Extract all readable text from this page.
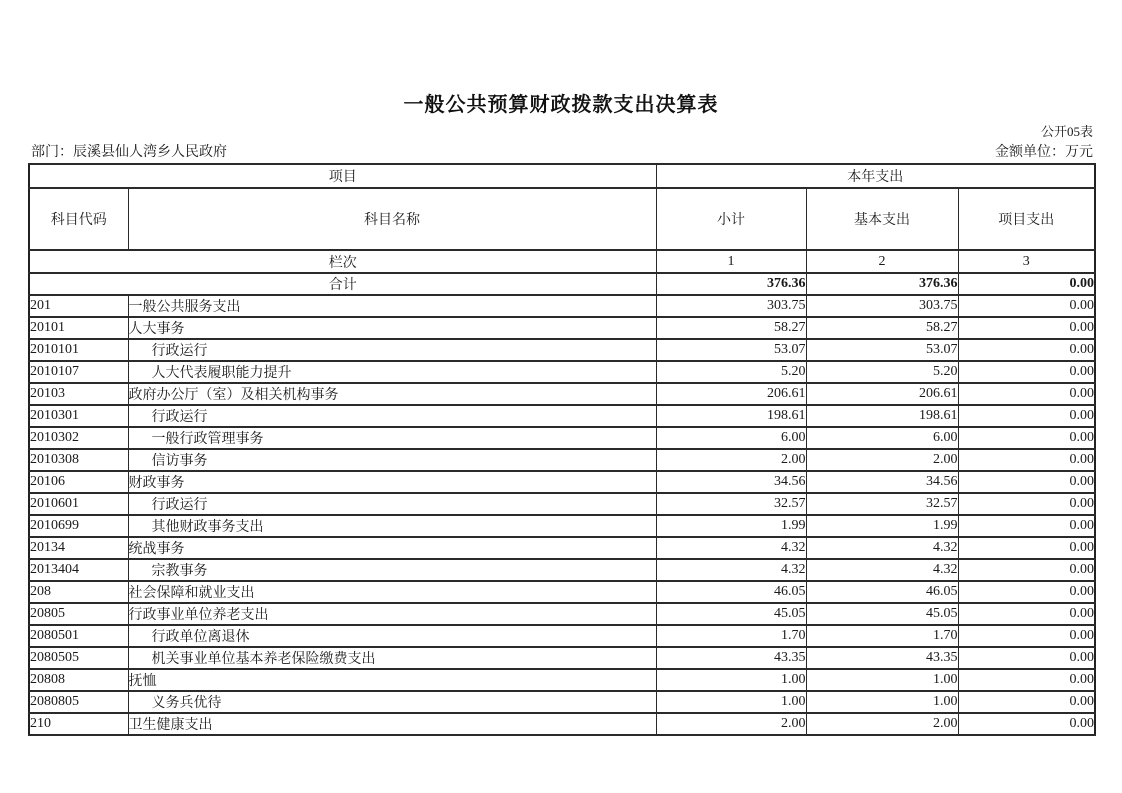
一般公共预算财政拨款支出决算表
公开05表
部门：辰溪县仙人湾乡人民政府	金额单位：万元
项目		本年支出		
科目代码	科目名称	小计	基本支出	项目支出
栏次		1	2	3
合计		376.36	376.36	0.00
201	一般公共服务支出	303.75	303.75	0.00
20101	人大事务	58.27	58.27	0.00
2010101	行政运行	53.07	53.07	0.00
2010107	人大代表履职能力提升	5.20	5.20	0.00
20103	政府办公厅（室）及相关机构事务	206.61	206.61	0.00
2010301	行政运行	198.61	198.61	0.00
2010302	一般行政管理事务	6.00	6.00	0.00
2010308	信访事务	2.00	2.00	0.00
20106	财政事务	34.56	34.56	0.00
2010601	行政运行	32.57	32.57	0.00
2010699	其他财政事务支出	1.99	1.99	0.00
20134	统战事务	4.32	4.32	0.00
2013404	宗教事务	4.32	4.32	0.00
208	社会保障和就业支出	46.05	46.05	0.00
20805	行政事业单位养老支出	45.05	45.05	0.00
2080501	行政单位离退休	1.70	1.70	0.00
2080505	机关事业单位基本养老保险缴费支出	43.35	43.35	0.00
20808	抚恤	1.00	1.00	0.00
2080805	义务兵优待	1.00	1.00	0.00
210	卫生健康支出	2.00	2.00	0.00
